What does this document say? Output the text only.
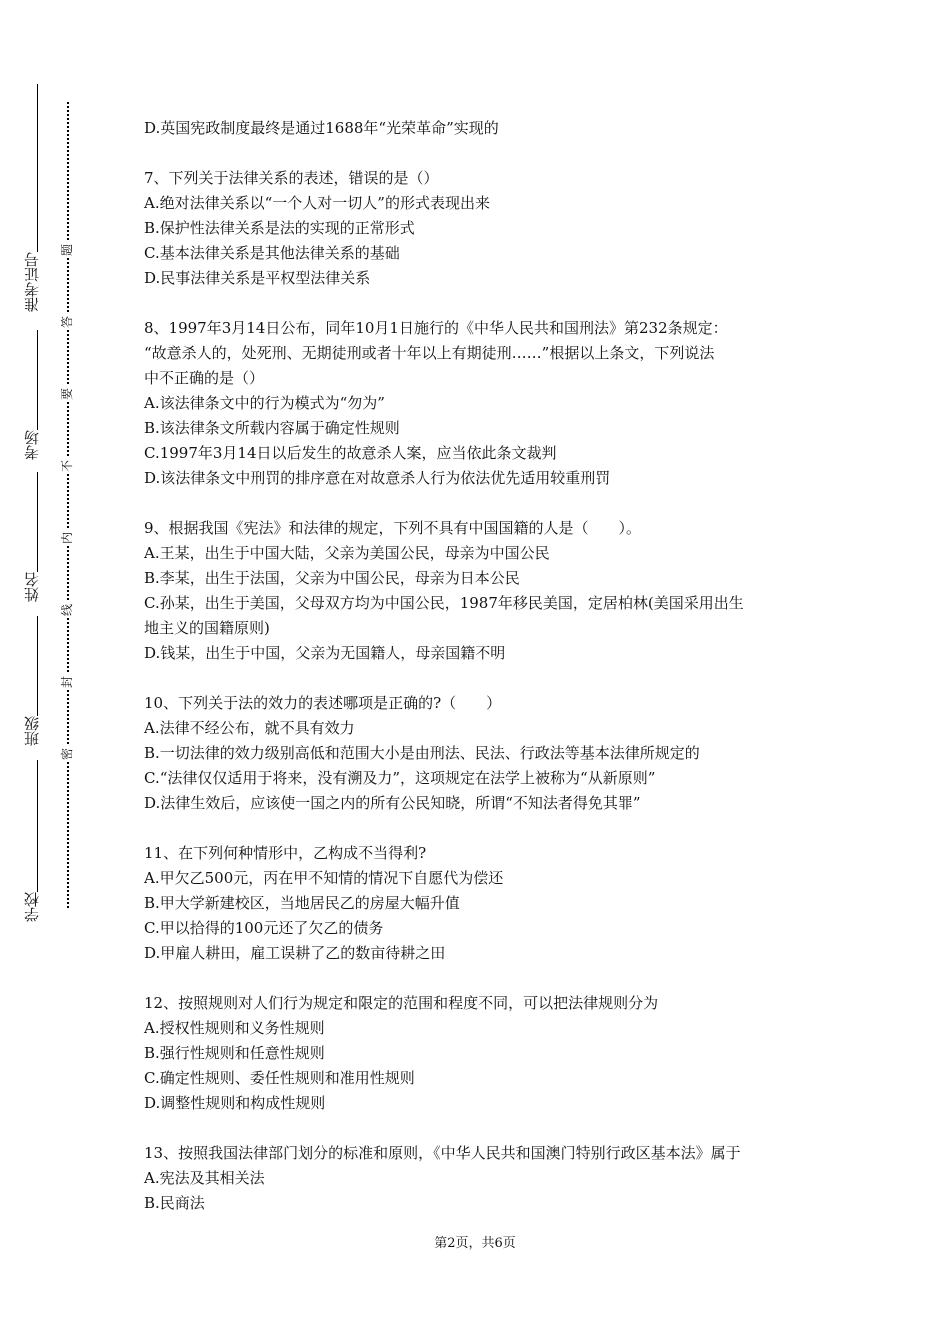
准考证号
考场
姓名
班级
学校
题
答
要
不
内
线
封
密
D.英国宪政制度最终是通过1688年“光荣革命”实现的
7、下列关于法律关系的表述，错误的是（）
A.绝对法律关系以“一个人对一切人”的形式表现出来
B.保护性法律关系是法的实现的正常形式
C.基本法律关系是其他法律关系的基础
D.民事法律关系是平权型法律关系
8、1997年3月14日公布，同年10月1日施行的《中华人民共和国刑法》第232条规定：
“故意杀人的，处死刑、无期徒刑或者十年以上有期徒刑……”根据以上条文，下列说法
中不正确的是（）
A.该法律条文中的行为模式为“勿为”
B.该法律条文所载内容属于确定性规则
C.1997年3月14日以后发生的故意杀人案，应当依此条文裁判
D.该法律条文中刑罚的排序意在对故意杀人行为依法优先适用较重刑罚
9、根据我国《宪法》和法律的规定，下列不具有中国国籍的人是（　　）。
A.王某，出生于中国大陆，父亲为美国公民，母亲为中国公民
B.李某，出生于法国，父亲为中国公民，母亲为日本公民
C.孙某，出生于美国，父母双方均为中国公民，1987年移民美国，定居柏林(美国采用出生
地主义的国籍原则)
D.钱某，出生于中国，父亲为无国籍人，母亲国籍不明
10、下列关于法的效力的表述哪项是正确的?（　　）
A.法律不经公布，就不具有效力
B.一切法律的效力级别高低和范围大小是由刑法、民法、行政法等基本法律所规定的
C.“法律仅仅适用于将来，没有溯及力”，这项规定在法学上被称为“从新原则”
D.法律生效后，应该使一国之内的所有公民知晓，所谓“不知法者得免其罪”
11、在下列何种情形中，乙构成不当得利?
A.甲欠乙500元，丙在甲不知情的情况下自愿代为偿还
B.甲大学新建校区，当地居民乙的房屋大幅升值
C.甲以拾得的100元还了欠乙的债务
D.甲雇人耕田，雇工误耕了乙的数亩待耕之田
12、按照规则对人们行为规定和限定的范围和程度不同，可以把法律规则分为
A.授权性规则和义务性规则
B.强行性规则和任意性规则
C.确定性规则、委任性规则和准用性规则
D.调整性规则和构成性规则
13、按照我国法律部门划分的标准和原则，《中华人民共和国澳门特别行政区基本法》属于
A.宪法及其相关法
B.民商法
第2页，共6页
